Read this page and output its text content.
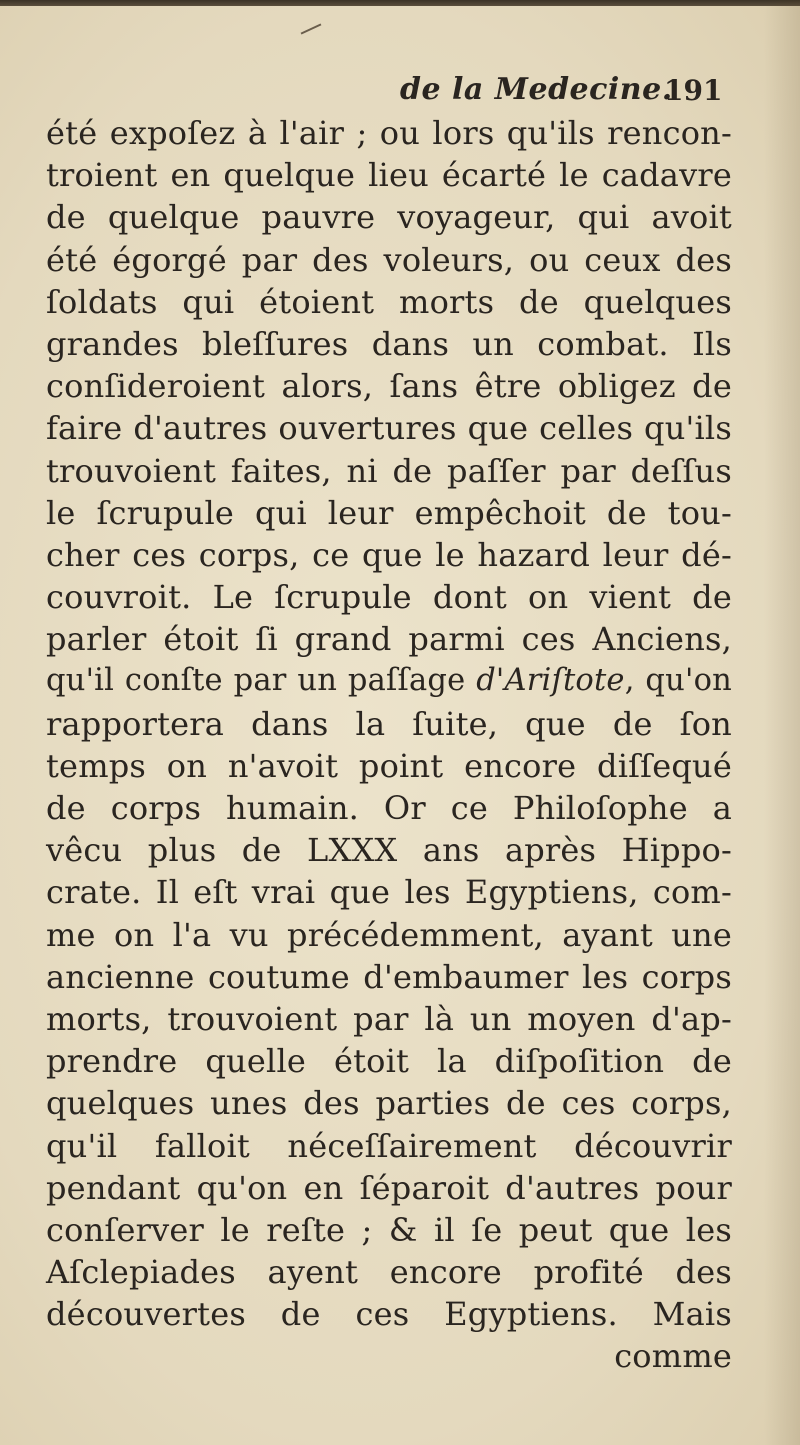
de la Medecine.
191
été expoſez à l'air ; ou lors qu'ils rencon-
troient en quelque lieu écarté le cadavre
de quelque pauvre voyageur, qui avoit
été égorgé par des voleurs, ou ceux des
ſoldats qui étoient morts de quelques
grandes bleſſures dans un combat. Ils
conſideroient alors, ſans être obligez de
faire d'autres ouvertures que celles qu'ils
trouvoient faites, ni de paſſer par deſſus
le ſcrupule qui leur empêchoit de tou-
cher ces corps, ce que le hazard leur dé-
couvroit. Le ſcrupule dont on vient de
parler étoit ſi grand parmi ces Anciens,
qu'il conſte par un paſſage d'Ariſtote, qu'on
rapportera dans la ſuite, que de ſon
temps on n'avoit point encore diſſequé
de corps humain. Or ce Philoſophe a
vêcu plus de LXXX ans après Hippo-
crate. Il eſt vrai que les Egyptiens, com-
me on l'a vu précédemment, ayant une
ancienne coutume d'embaumer les corps
morts, trouvoient par là un moyen d'ap-
prendre quelle étoit la diſpoſition de
quelques unes des parties de ces corps,
qu'il falloit néceſſairement découvrir
pendant qu'on en ſéparoit d'autres pour
conſerver le reſte ; & il ſe peut que les
Aſclepiades ayent encore profité des
découvertes de ces Egyptiens. Mais
comme
